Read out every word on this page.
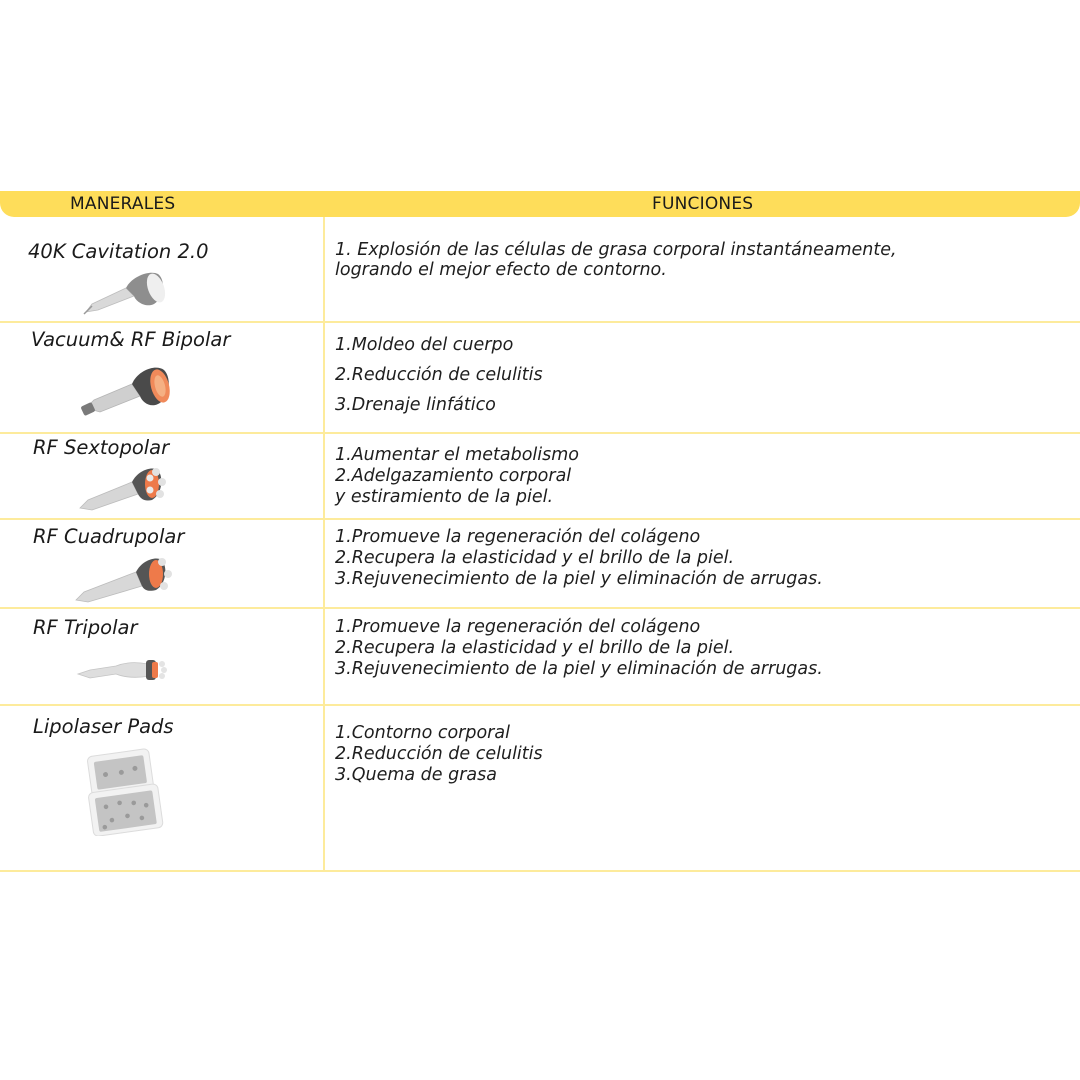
MANERALES	FUNCIONES
40K Cavitation 2.0	1. Explosión de las células de grasa corporal instantáneamente,
logrando el mejor efecto de contorno.
Vacuum& RF Bipolar	1.Moldeo del cuerpo
2.Reducción de celulitis
3.Drenaje linfático
RF Sextopolar	1.Aumentar el metabolismo
2.Adelgazamiento corporal
y estiramiento de la piel.
RF Cuadrupolar	1.Promueve la regeneración del colágeno
2.Recupera la elasticidad y el brillo de la piel.
3.Rejuvenecimiento de la piel y eliminación de arrugas.
RF Tripolar	1.Promueve la regeneración del colágeno
2.Recupera la elasticidad y el brillo de la piel.
3.Rejuvenecimiento de la piel y eliminación de arrugas.
Lipolaser Pads	1.Contorno corporal
2.Reducción de celulitis
3.Quema de grasa
